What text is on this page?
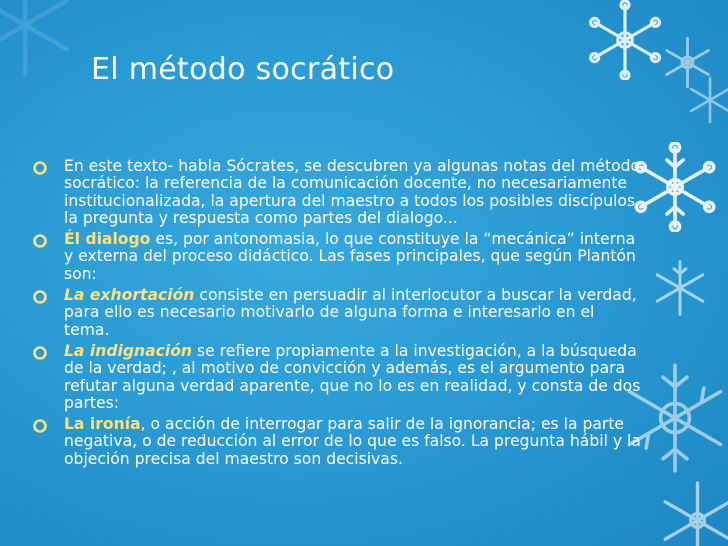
El método socrático
En este texto- habla Sócrates, se descubren ya algunas notas del método socrático: la referencia de la comunicación docente, no necesariamente institucionalizada, la apertura del maestro a todos los posibles discípulos, la pregunta y respuesta como partes del dialogo...
Él dialogo es, por antonomasia, lo que constituye la “mecánica” interna y externa del proceso didáctico. Las fases principales, que según Plantón son:
La exhortación consiste en persuadir al interlocutor a buscar la verdad, para ello es necesario motivarlo de alguna forma e interesarlo en el tema.
La indignación se refiere propiamente a la investigación, a la búsqueda de la verdad; , al motivo de convicción y además, es el argumento para refutar alguna verdad aparente, que no lo es en realidad, y consta de dos partes:
La ironía, o acción de interrogar para salir de la ignorancia; es la parte negativa, o de reducción al error de lo que es falso. La pregunta hábil y la objeción precisa del maestro son decisivas.
